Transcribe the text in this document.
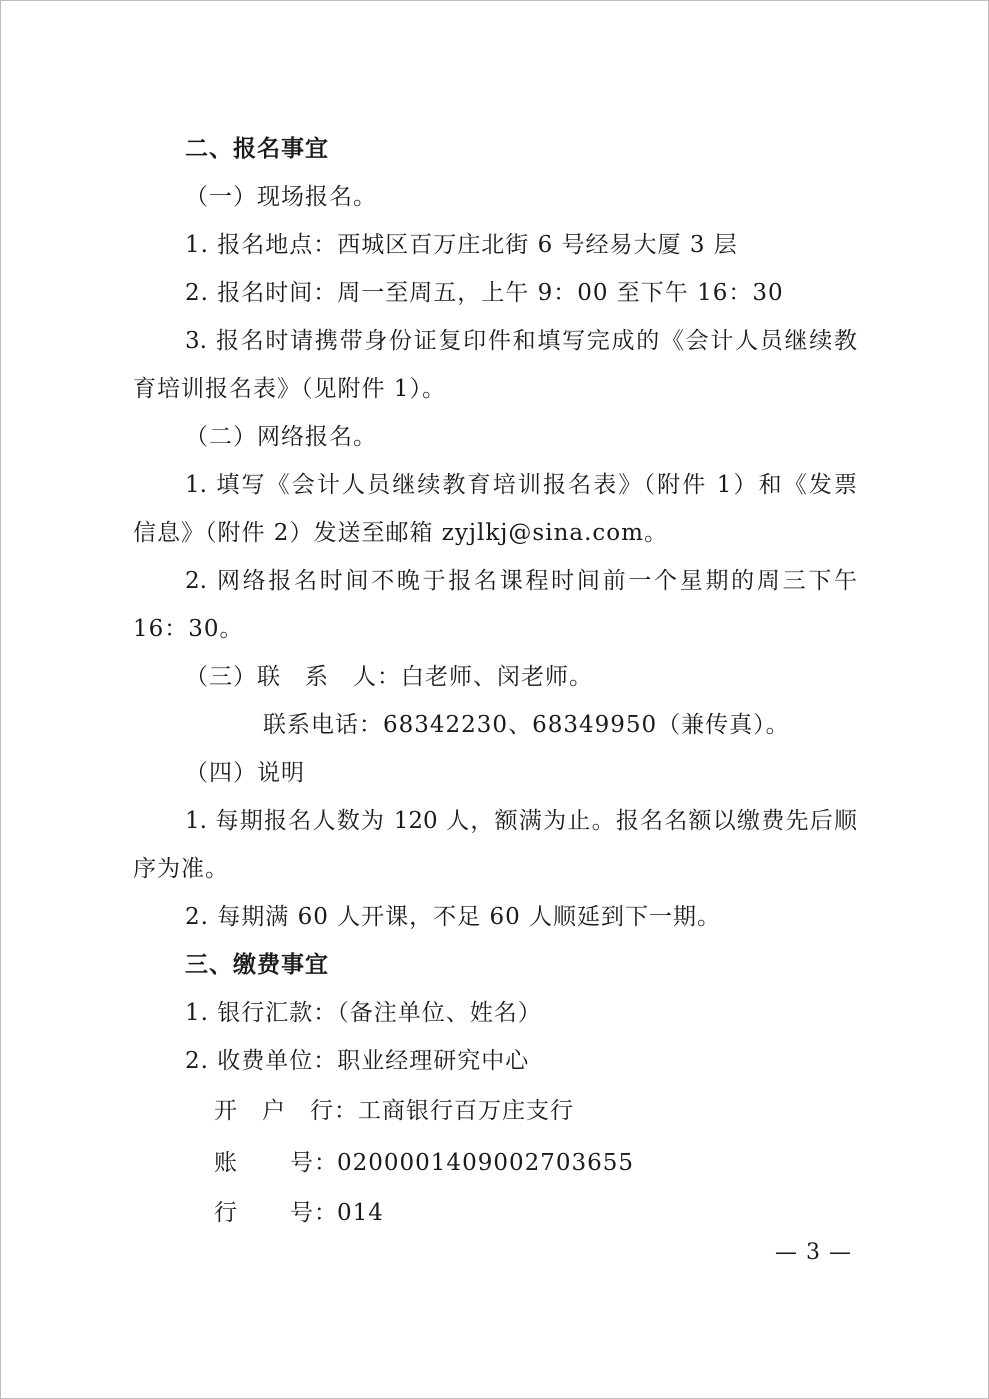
二、报名事宜
（一）现场报名。
1. 报名地点：西城区百万庄北街 6 号经易大厦 3 层
2. 报名时间：周一至周五，上午 9：00 至下午 16：30
3. 报名时请携带身份证复印件和填写完成的《会计人员继续教
育培训报名表》（见附件 1）。
（二）网络报名。
1. 填写《会计人员继续教育培训报名表》（附件 1）和《发票
信息》（附件 2）发送至邮箱 zyjlkj@sina.com。
2. 网络报名时间不晚于报名课程时间前一个星期的周三下午
16：30。
（三）联　系　人：白老师、闵老师。
联系电话：68342230、68349950（兼传真）。
（四）说明
1. 每期报名人数为 120 人，额满为止。报名名额以缴费先后顺
序为准。
2. 每期满 60 人开课，不足 60 人顺延到下一期。
三、缴费事宜
1. 银行汇款：（备注单位、姓名）
2. 收费单位：职业经理研究中心
开　户　行：工商银行百万庄支行
账 号： 0200001409002703655
行 号： 014
— 3 —
